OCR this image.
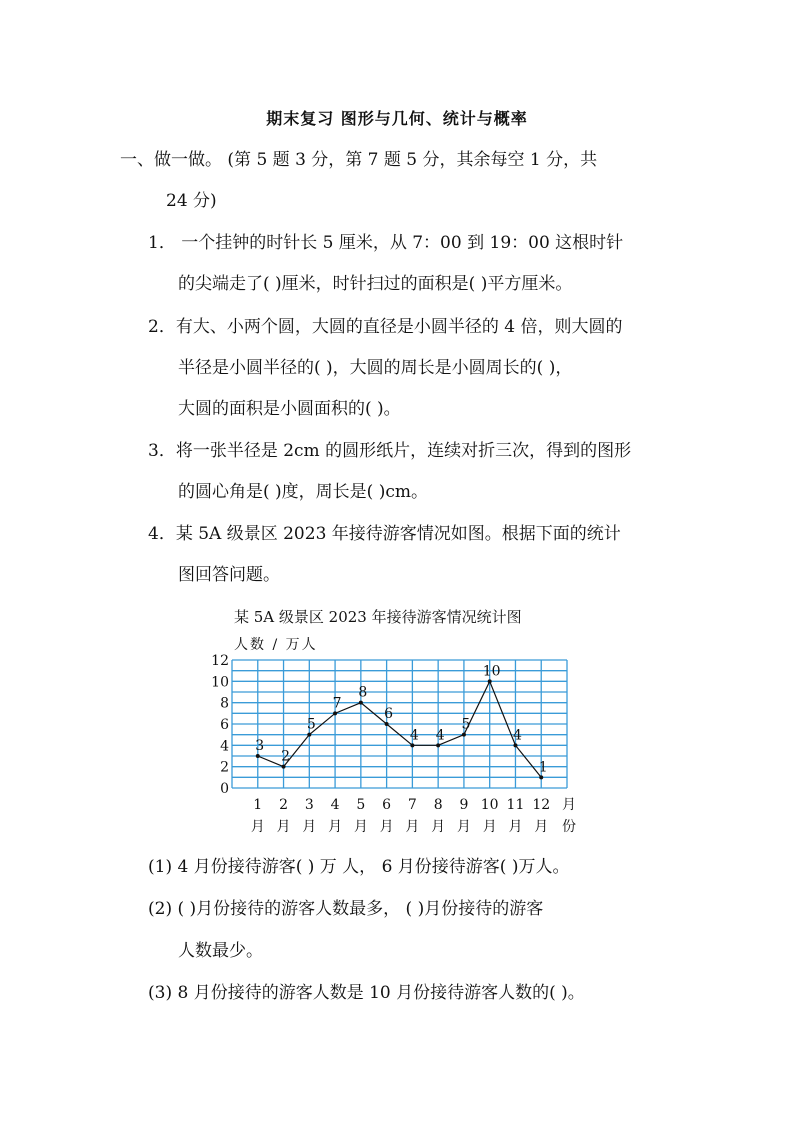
期末复习 图形与几何、统计与概率
一、做一做。 (第 5 题 3 分，第 7 题 5 分，其余每空 1 分，共
24 分)
1． 一个挂钟的时针长 5 厘米，从 7：00 到 19：00 这根时针
的尖端走了( )厘米，时针扫过的面积是( )平方厘米。
2．有大、小两个圆，大圆的直径是小圆半径的 4 倍，则大圆的
半径是小圆半径的( )，大圆的周长是小圆周长的( )，
大圆的面积是小圆面积的( )。
3．将一张半径是 2cm 的圆形纸片，连续对折三次，得到的图形
的圆心角是( )度，周长是( )cm。
4．某 5A 级景区 2023 年接待游客情况如图。根据下面的统计
图回答问题。
某 5A 级景区 2023 年接待游客情况统计图
人数 / 万人
0
2
4
6
8
10
12
1
月
2
月
3
月
4
月
5
月
6
月
7
月
8
月
9
月
10
月
11
月
12
月
月
份
3
2
5
7
8
6
4 4
5
10
4
1
(1) 4 月份接待游客( ) 万 人， 6 月份接待游客( )万人。
(2) ( )月份接待的游客人数最多， ( )月份接待的游客
人数最少。
(3) 8 月份接待的游客人数是 10 月份接待游客人数的( )。
